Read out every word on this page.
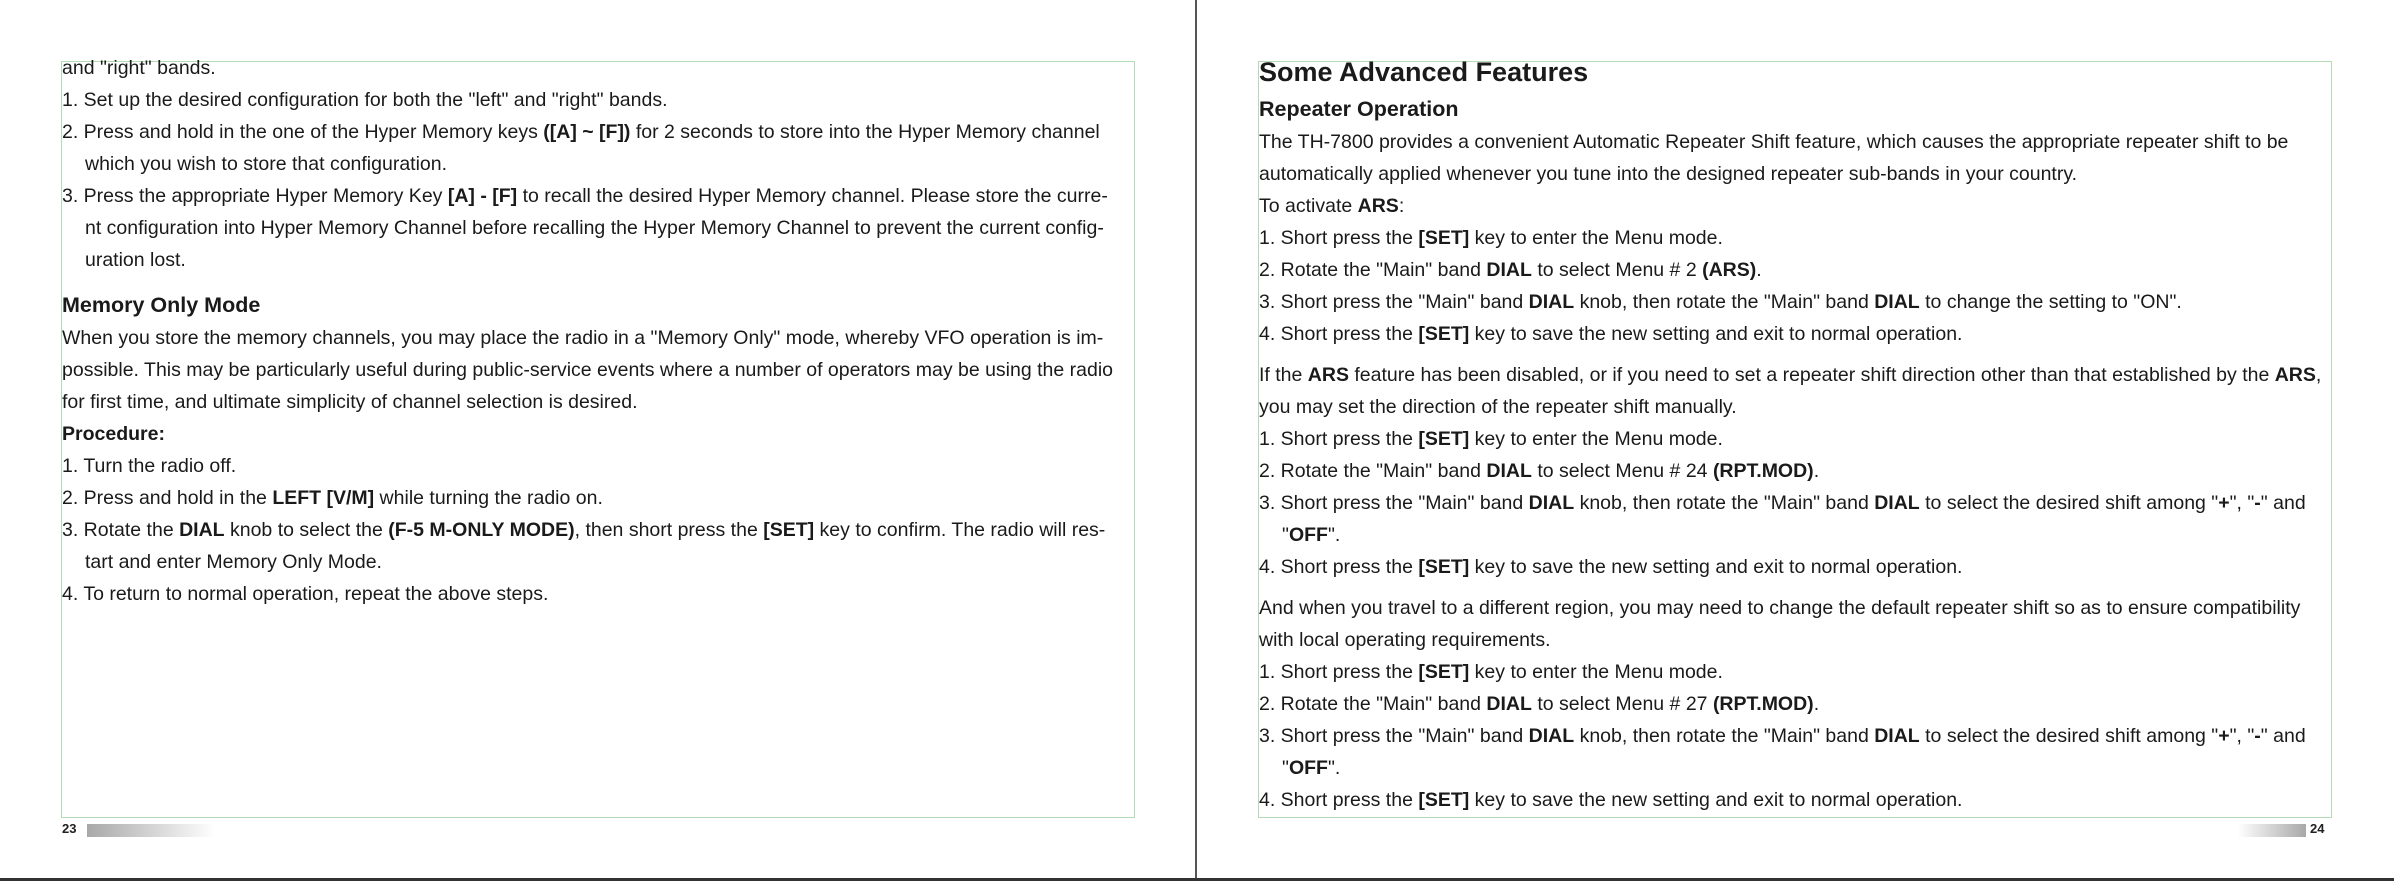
and "right" bands.
1. Set up the desired configuration for both the "left" and "right" bands.
2. Press and hold in the one of the Hyper Memory keys ([A] ~ [F]) for 2 seconds to store into the Hyper Memory channel
which you wish to store that configuration.
3. Press the appropriate Hyper Memory Key [A] - [F] to recall the desired Hyper Memory channel. Please store the curre-
nt configuration into Hyper Memory Channel before recalling the Hyper Memory Channel to prevent the current config-
uration lost.
Memory Only Mode
When you store the memory channels, you may place the radio in a "Memory Only" mode, whereby VFO operation is im-
possible. This may be particularly useful during public-service events where a number of operators may be using the radio
for first time, and ultimate simplicity of channel selection is desired.
Procedure:
1. Turn the radio off.
2. Press and hold in the LEFT [V/M] while turning the radio on.
3. Rotate the DIAL knob to select the (F-5 M-ONLY MODE), then short press the [SET] key to confirm. The radio will res-
tart and enter Memory Only Mode.
4. To return to normal operation, repeat the above steps.
Some Advanced Features
Repeater Operation
The TH-7800 provides a convenient Automatic Repeater Shift feature, which causes the appropriate repeater shift to be
automatically applied whenever you tune into the designed repeater sub-bands in your country.
To activate ARS:
1. Short press the [SET] key to enter the Menu mode.
2. Rotate the "Main" band DIAL to select Menu # 2 (ARS).
3. Short press the "Main" band DIAL knob, then rotate the "Main" band DIAL to change the setting to "ON".
4. Short press the [SET] key to save the new setting and exit to normal operation.
If the ARS feature has been disabled, or if you need to set a repeater shift direction other than that established by the ARS,
you may set the direction of the repeater shift manually.
1. Short press the [SET] key to enter the Menu mode.
2. Rotate the "Main" band DIAL to select Menu # 24 (RPT.MOD).
3. Short press the "Main" band DIAL knob, then rotate the "Main" band DIAL to select the desired shift among "+", "-" and
"OFF".
4. Short press the [SET] key to save the new setting and exit to normal operation.
And when you travel to a different region, you may need to change the default repeater shift so as to ensure compatibility
with local operating requirements.
1. Short press the [SET] key to enter the Menu mode.
2. Rotate the "Main" band DIAL to select Menu # 27 (RPT.MOD).
3. Short press the "Main" band DIAL knob, then rotate the "Main" band DIAL to select the desired shift among "+", "-" and
"OFF".
4. Short press the [SET] key to save the new setting and exit to normal operation.
23	24
